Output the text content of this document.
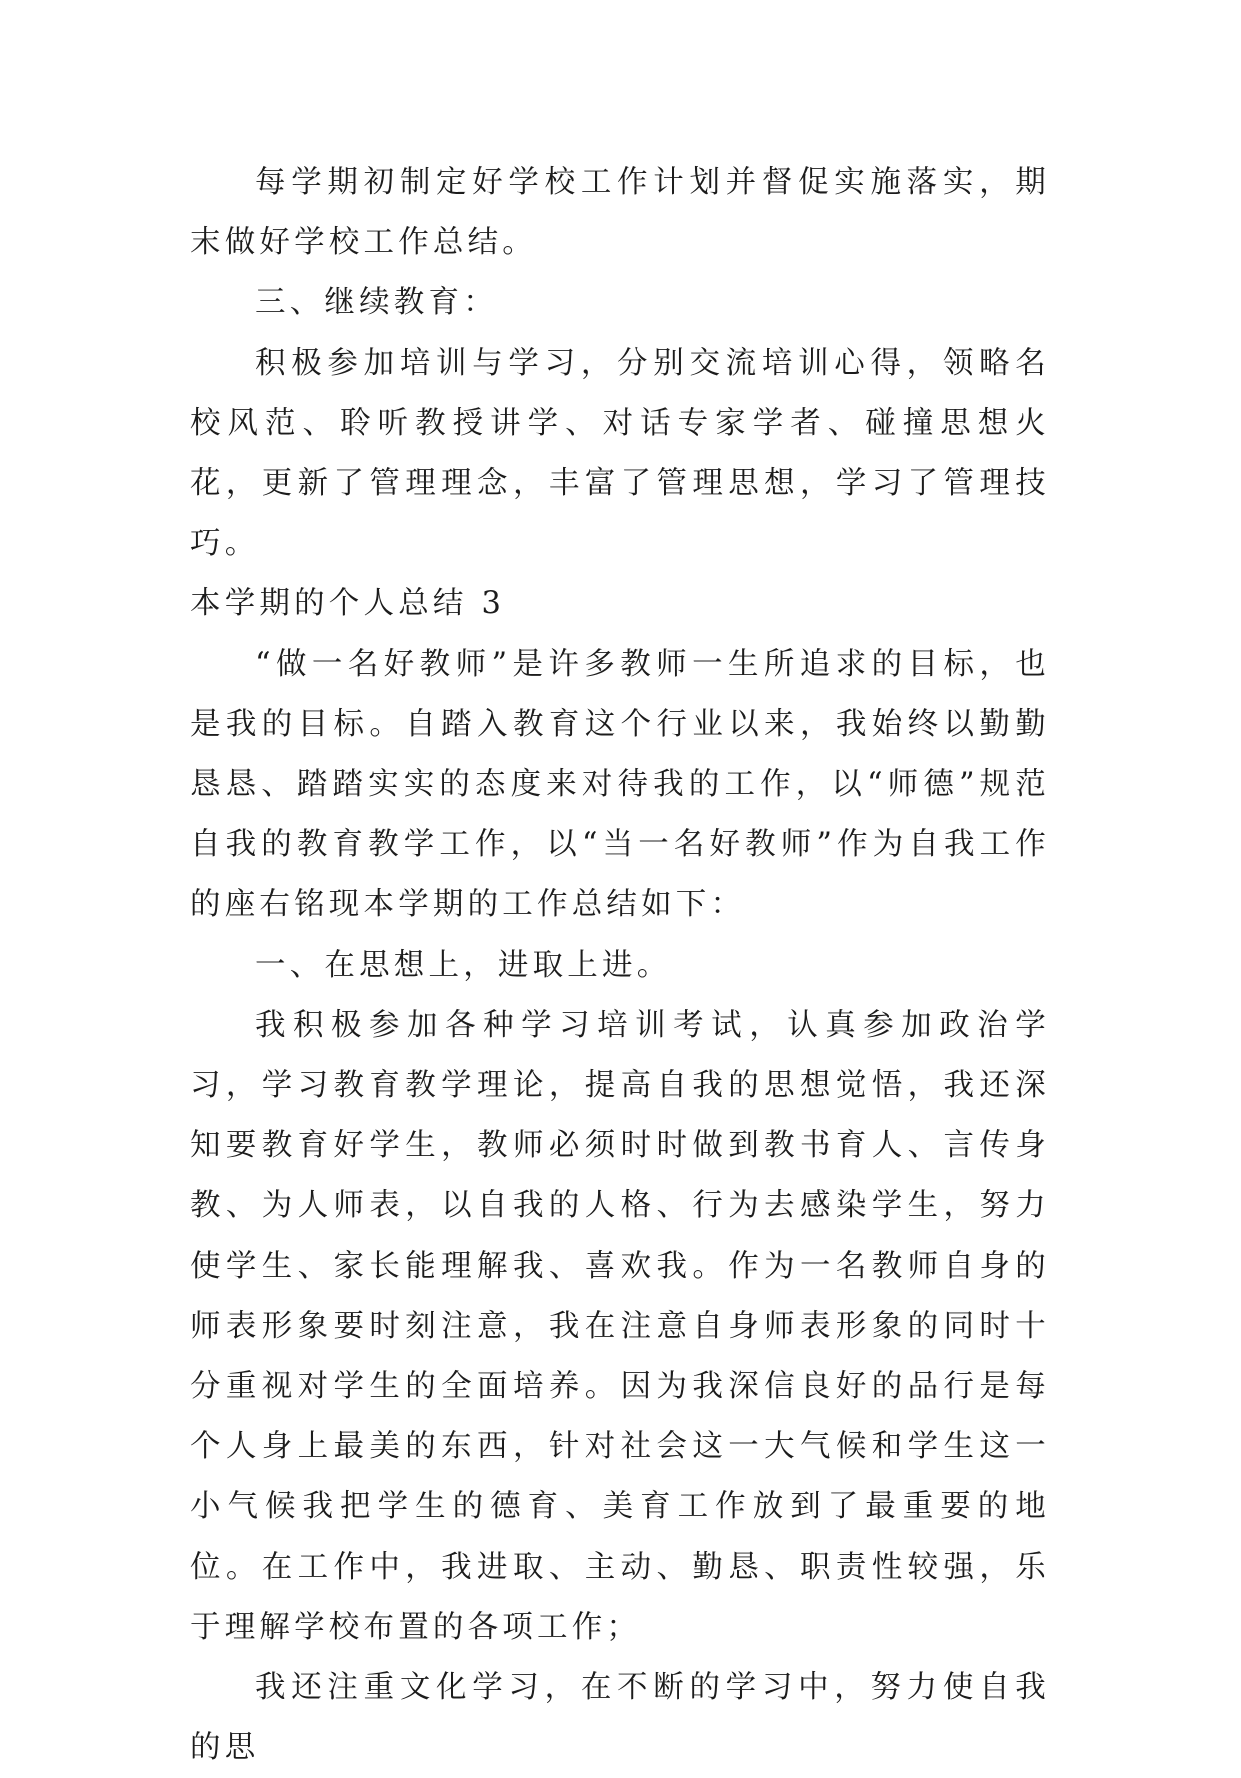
每学期初制定好学校工作计划并督促实施落实，期末做好学校工作总结。

三、继续教育：

积极参加培训与学习，分别交流培训心得，领略名校风范、聆听教授讲学、对话专家学者、碰撞思想火花，更新了管理理念，丰富了管理思想，学习了管理技巧。

本学期的个人总结 3

“做一名好教师”是许多教师一生所追求的目标，也是我的目标。自踏入教育这个行业以来，我始终以勤勤恳恳、踏踏实实的态度来对待我的工作，以“师德”规范自我的教育教学工作，以“当一名好教师”作为自我工作的座右铭现本学期的工作总结如下：

一、在思想上，进取上进。

我积极参加各种学习培训考试，认真参加政治学习，学习教育教学理论，提高自我的思想觉悟，我还深知要教育好学生，教师必须时时做到教书育人、言传身教、为人师表，以自我的人格、行为去感染学生，努力使学生、家长能理解我、喜欢我。作为一名教师自身的师表形象要时刻注意，我在注意自身师表形象的同时十分重视对学生的全面培养。因为我深信良好的品行是每个人身上最美的东西，针对社会这一大气候和学生这一小气候我把学生的德育、美育工作放到了最重要的地位。在工作中，我进取、主动、勤恳、职责性较强，乐于理解学校布置的各项工作；

我还注重文化学习，在不断的学习中，努力使自我的思
